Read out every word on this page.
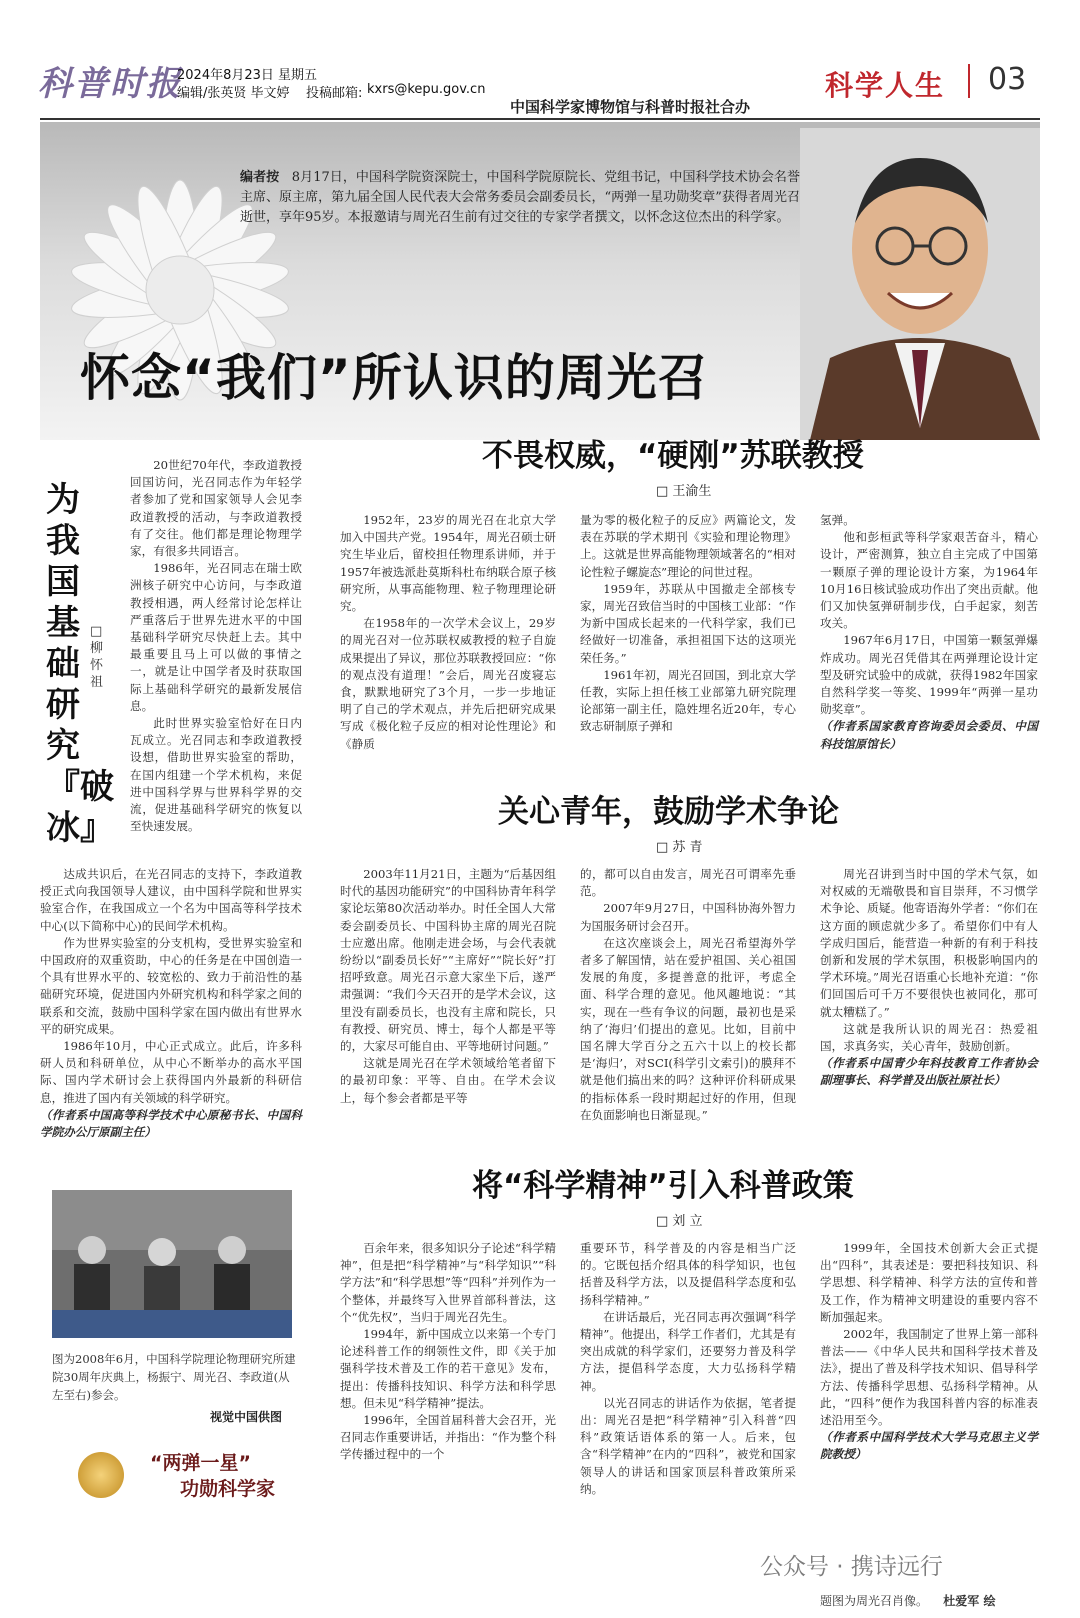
科普时报
2024年8月23日 星期五
编辑/张英贤 毕文婷 投稿邮箱: kxrs@kepu.gov.cn	科学人生 03
中国科学家博物馆与科普时报社合办
编者按 8月17日，中国科学院资深院士，中国科学院原院长、党组书记，中国科学技术协会名誉主席、原主席，第九届全国人民代表大会常务委员会副委员长，“两弹一星功勋奖章”获得者周光召逝世，享年95岁。本报邀请与周光召生前有过交往的专家学者撰文，以怀念这位杰出的科学家。
怀念“我们”所认识的周光召
为我国基础研究『破冰』
□柳怀祖

20世纪70年代，李政道教授回国访问，光召同志作为年轻学者参加了党和国家领导人会见李政道教授的活动，与李政道教授有了交往。他们都是理论物理学家，有很多共同语言。

1986年，光召同志在瑞士欧洲核子研究中心访问，与李政道教授相遇，两人经常讨论怎样让严重落后于世界先进水平的中国基础科学研究尽快赶上去。其中最重要且马上可以做的事情之一，就是让中国学者及时获取国际上基础科学研究的最新发展信息。

此时世界实验室恰好在日内瓦成立。光召同志和李政道教授设想，借助世界实验室的帮助，在国内组建一个学术机构，来促进中国科学界与世界科学界的交流，促进基础科学研究的恢复以至快速发展。

达成共识后，在光召同志的支持下，李政道教授正式向我国领导人建议，由中国科学院和世界实验室合作，在我国成立一个名为中国高等科学技术中心(以下简称中心)的民间学术机构。

作为世界实验室的分支机构，受世界实验室和中国政府的双重资助，中心的任务是在中国创造一个具有世界水平的、较宽松的、致力于前沿性的基础研究环境，促进国内外研究机构和科学家之间的联系和交流，鼓励中国科学家在国内做出有世界水平的研究成果。

1986年10月，中心正式成立。此后，许多科研人员和科研单位，从中心不断举办的高水平国际、国内学术研讨会上获得国内外最新的科研信息，推进了国内有关领域的科学研究。

（作者系中国高等科学技术中心原秘书长、中国科学院办公厅原副主任）

图为2008年6月，中国科学院理论物理研究所建院30周年庆典上，杨振宁、周光召、李政道(从左至右)参会。
视觉中国供图
“两弹一星”
功勋科学家
不畏权威，“硬刚”苏联教授
□ 王渝生

1952年，23岁的周光召在北京大学加入中国共产党。1954年，周光召硕士研究生毕业后，留校担任物理系讲师，并于1957年被选派赴莫斯科杜布纳联合原子核研究所，从事高能物理、粒子物理理论研究。

在1958年的一次学术会议上，29岁的周光召对一位苏联权威教授的粒子自旋成果提出了异议，那位苏联教授回应：“你的观点没有道理！”会后，周光召废寝忘食，默默地研究了3个月，一步一步地证明了自己的学术观点，并先后把研究成果写成《极化粒子反应的相对论性理论》和《静质

量为零的极化粒子的反应》两篇论文，发表在苏联的学术期刊《实验和理论物理》上。这就是世界高能物理领域著名的“相对论性粒子螺旋态”理论的问世过程。

1959年，苏联从中国撤走全部核专家，周光召致信当时的中国核工业部：“作为新中国成长起来的一代科学家，我们已经做好一切准备，承担祖国下达的这项光荣任务。”

1961年初，周光召回国，到北京大学任教，实际上担任核工业部第九研究院理论部第一副主任，隐姓埋名近20年，专心致志研制原子弹和

氢弹。

他和彭桓武等科学家艰苦奋斗，精心设计，严密测算，独立自主完成了中国第一颗原子弹的理论设计方案，为1964年10月16日核试验成功作出了突出贡献。他们又加快氢弹研制步伐，白手起家，刻苦攻关。

1967年6月17日，中国第一颗氢弹爆炸成功。周光召凭借其在两弹理论设计定型及研究试验中的成就，获得1982年国家自然科学奖一等奖、1999年“两弹一星功勋奖章”。

（作者系国家教育咨询委员会委员、中国科技馆原馆长）

关心青年，鼓励学术争论
□ 苏 青

2003年11月21日，主题为“后基因组时代的基因功能研究”的中国科协青年科学家论坛第80次活动举办。时任全国人大常委会副委员长、中国科协主席的周光召院士应邀出席。他刚走进会场，与会代表就纷纷以“副委员长好”“主席好”“院长好”打招呼致意。周光召示意大家坐下后，遂严肃强调：“我们今天召开的是学术会议，这里没有副委员长，也没有主席和院长，只有教授、研究员、博士，每个人都是平等的，大家尽可能自由、平等地研讨问题。”

这就是周光召在学术领域给笔者留下的最初印象：平等、自由。在学术会议上，每个参会者都是平等

的，都可以自由发言，周光召可谓率先垂范。

2007年9月27日，中国科协海外智力为国服务研讨会召开。

在这次座谈会上，周光召希望海外学者多了解国情，站在爱护祖国、关心祖国发展的角度，多提善意的批评，考虑全面、科学合理的意见。他风趣地说：“其实，现在一些有争议的问题，最初也是采纳了‘海归’们提出的意见。比如，目前中国名牌大学百分之五六十以上的校长都是‘海归’，对SCI(科学引文索引)的膜拜不就是他们搞出来的吗？这种评价科研成果的指标体系一段时期起过好的作用，但现在负面影响也日渐显现。”

周光召讲到当时中国的学术气氛，如对权威的无端敬畏和盲目崇拜，不习惯学术争论、质疑。他寄语海外学者：“你们在这方面的顾虑就少多了。希望你们中有人学成归国后，能营造一种新的有利于科技创新和发展的学术氛围，积极影响国内的学术环境。”周光召语重心长地补充道：“你们回国后可千万不要很快也被同化，那可就太糟糕了。”

这就是我所认识的周光召：热爱祖国，求真务实，关心青年，鼓励创新。

（作者系中国青少年科技教育工作者协会副理事长、科学普及出版社原社长）

将“科学精神”引入科普政策
□ 刘 立

百余年来，很多知识分子论述“科学精神”，但是把“科学精神”与“科学知识”“科学方法”和“科学思想”等“四科”并列作为一个整体，并最终写入世界首部科普法，这个“优先权”，当归于周光召先生。

1994年，新中国成立以来第一个专门论述科普工作的纲领性文件，即《关于加强科学技术普及工作的若干意见》发布，提出：传播科技知识、科学方法和科学思想。但未见“科学精神”提法。

1996年，全国首届科普大会召开，光召同志作重要讲话，并指出：“作为整个科学传播过程中的一个

重要环节，科学普及的内容是相当广泛的。它既包括介绍具体的科学知识，也包括普及科学方法，以及提倡科学态度和弘扬科学精神。”

在讲话最后，光召同志再次强调“科学精神”。他提出，科学工作者们，尤其是有突出成就的科学家们，还要努力普及科学方法，提倡科学态度，大力弘扬科学精神。

以光召同志的讲话作为依据，笔者提出：周光召是把“科学精神”引入科普“四科”政策话语体系的第一人。后来，包含“科学精神”在内的“四科”，被党和国家领导人的讲话和国家顶层科普政策所采纳。

1999年，全国技术创新大会正式提出“四科”，其表述是：要把科技知识、科学思想、科学精神、科学方法的宣传和普及工作，作为精神文明建设的重要内容不断加强起来。

2002年，我国制定了世界上第一部科普法——《中华人民共和国科学技术普及法》，提出了普及科学技术知识、倡导科学方法、传播科学思想、弘扬科学精神。从此，“四科”便作为我国科普内容的标准表述沿用至今。

（作者系中国科学技术大学马克思主义学院教授）

题图为周光召肖像。 杜爱军 绘
公众号 · 携诗远行
